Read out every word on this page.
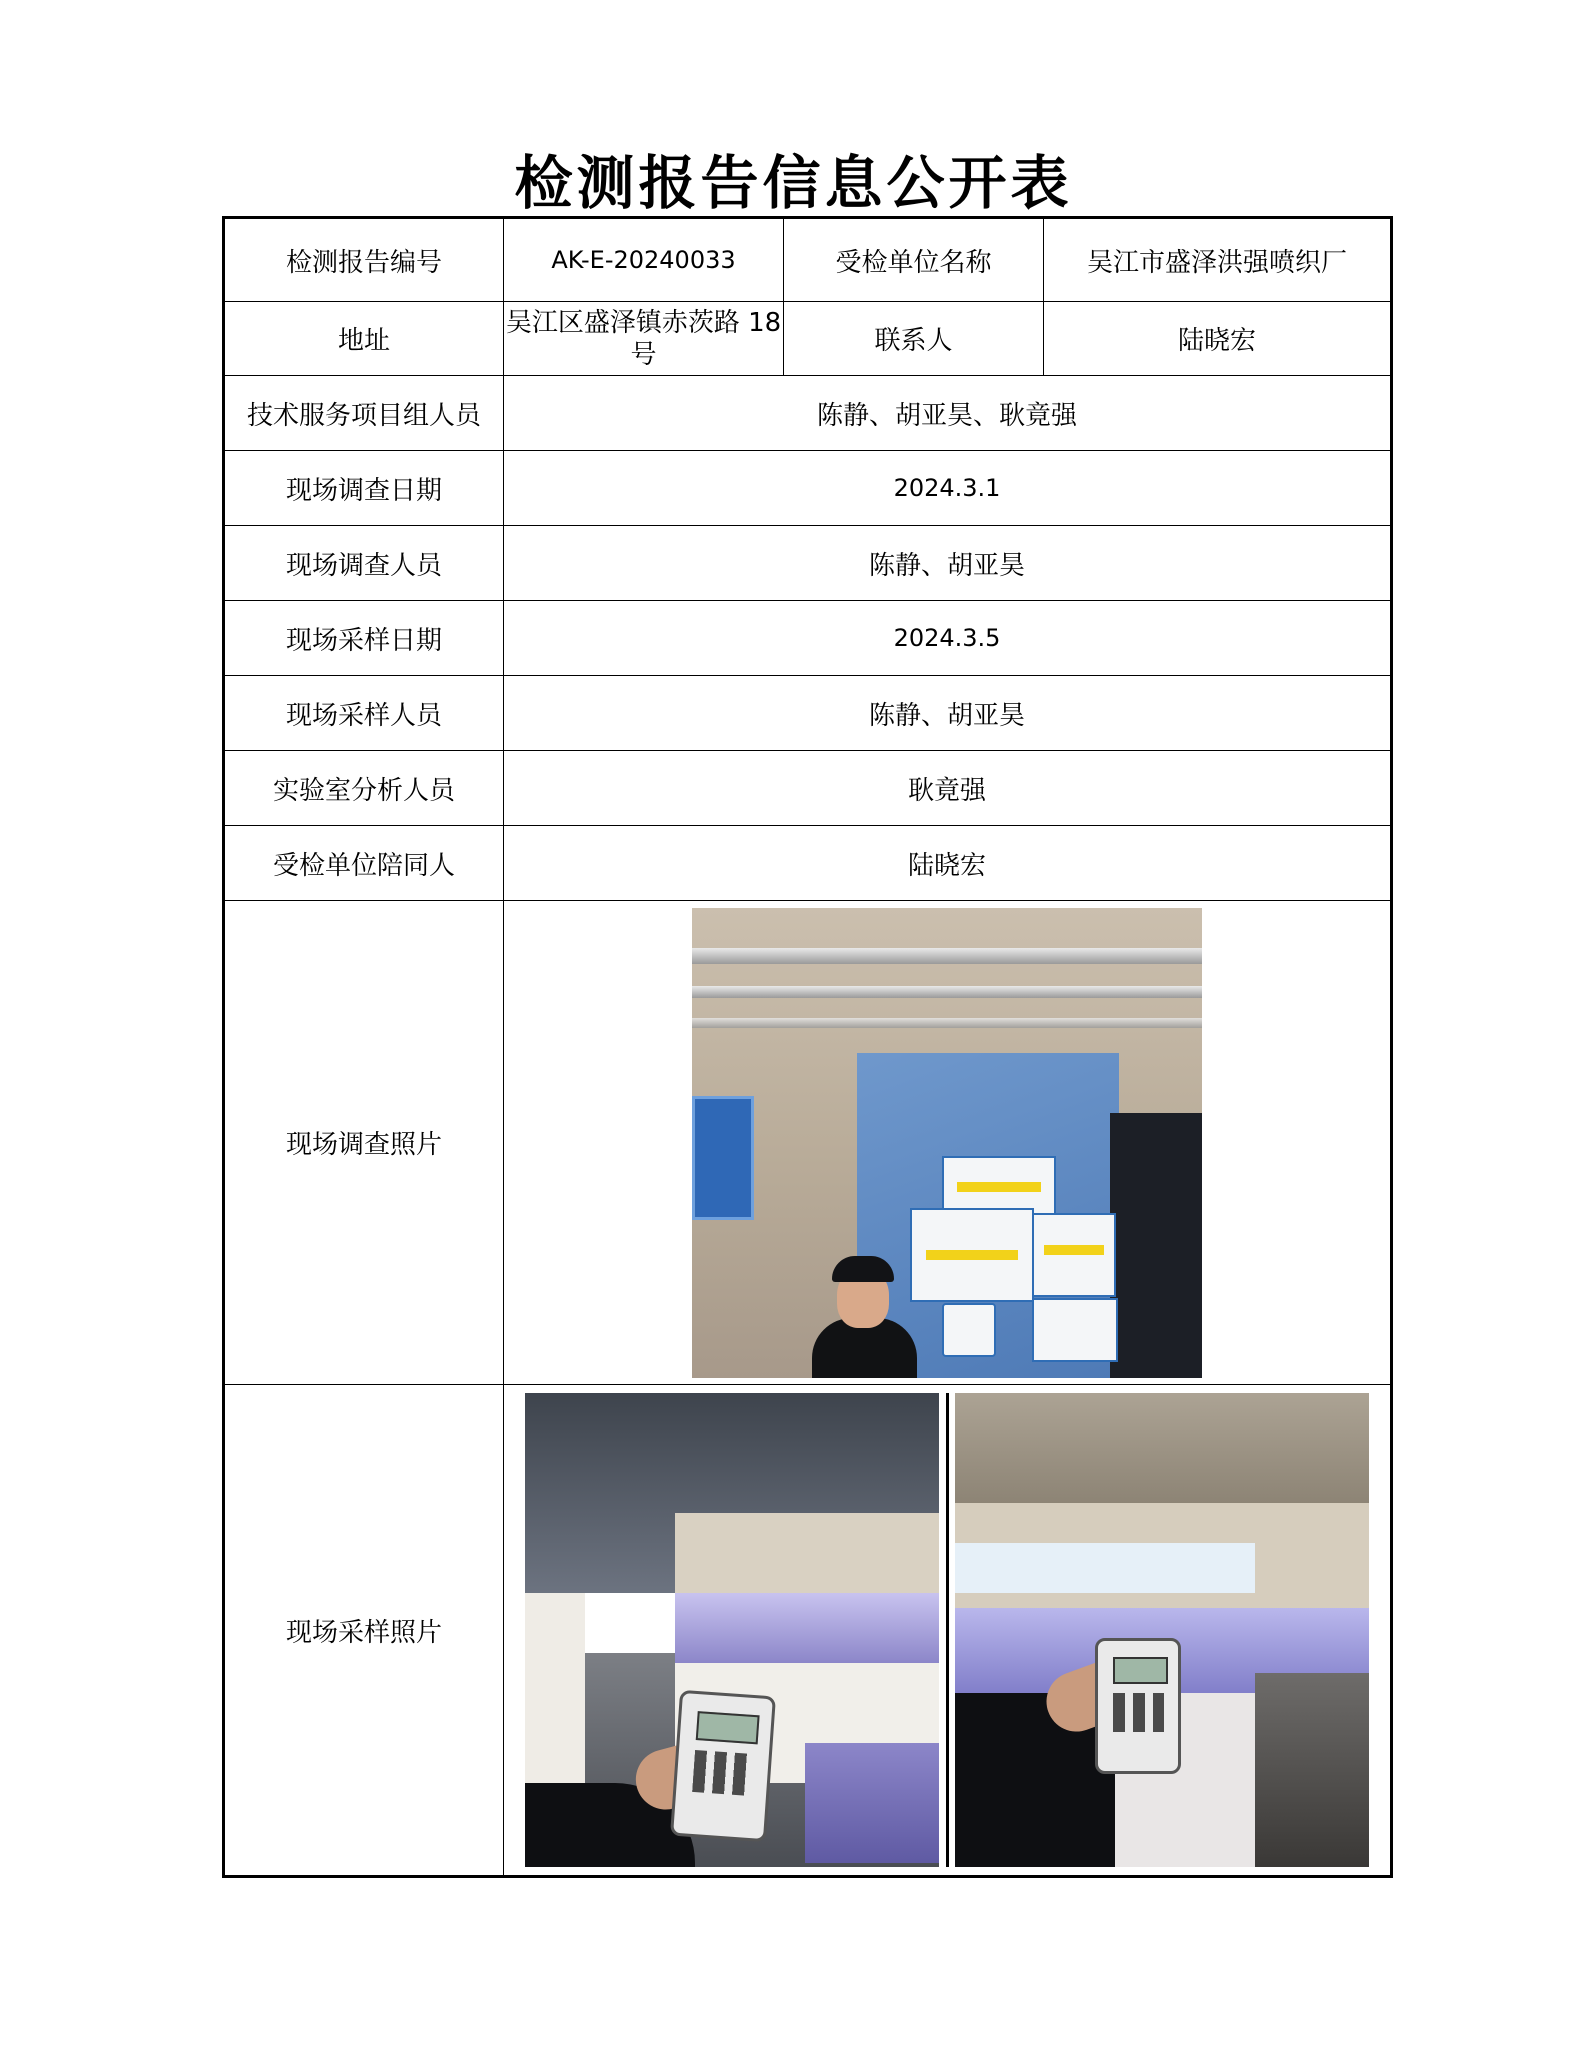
检测报告信息公开表
检测报告编号	AK-E-20240033	受检单位名称	吴江市盛泽洪强喷织厂
地址	吴江区盛泽镇赤茨路 18 号	联系人	陆晓宏
技术服务项目组人员	陈静、胡亚昊、耿竟强		
现场调查日期	2024.3.1		
现场调查人员	陈静、胡亚昊		
现场采样日期	2024.3.5		
现场采样人员	陈静、胡亚昊		
实验室分析人员	耿竟强		
受检单位陪同人	陆晓宏		
现场调查照片			

现场采样照片			
